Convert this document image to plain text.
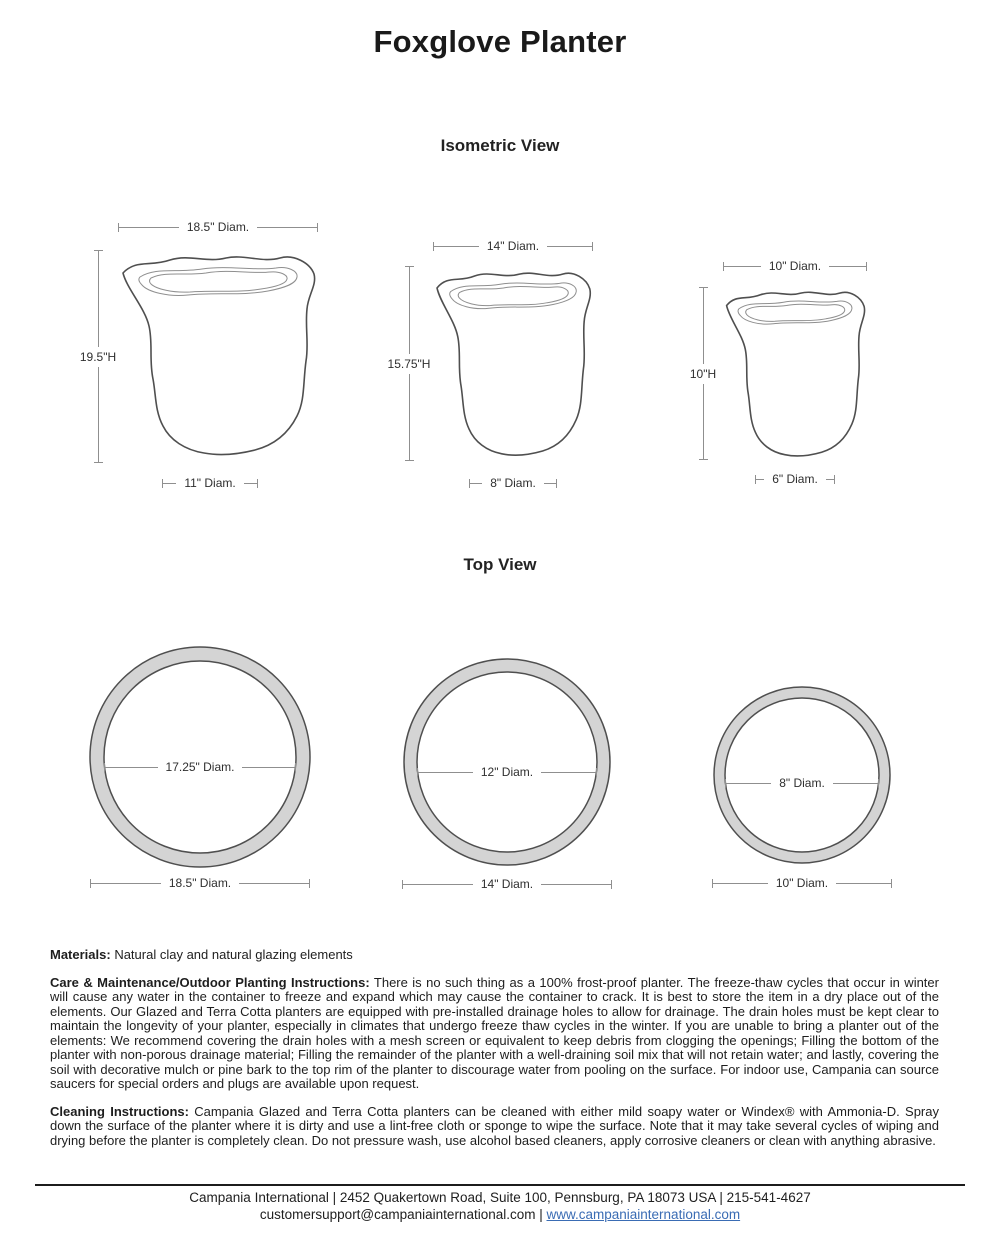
Foxglove Planter
Isometric View
18.5" Diam.
19.5"H
11" Diam.
14" Diam.
15.75"H
8" Diam.
10" Diam.
10"H
6" Diam.
Top View
17.25" Diam.
18.5" Diam.
12" Diam.
14" Diam.
8" Diam.
10" Diam.

Materials: Natural clay and natural glazing elements

Care & Maintenance/Outdoor Planting Instructions: There is no such thing as a 100% frost-proof planter. The freeze-thaw cycles that occur in winter will cause any water in the container to freeze and expand which may cause the container to crack. It is best to store the item in a dry place out of the elements. Our Glazed and Terra Cotta planters are equipped with pre-installed drainage holes to allow for drainage. The drain holes must be kept clear to maintain the longevity of your planter, especially in climates that undergo freeze thaw cycles in the winter. If you are unable to bring a planter out of the elements: We recommend covering the drain holes with a mesh screen or equivalent to keep debris from clogging the openings; Filling the bottom of the planter with non-porous drainage material; Filling the remainder of the planter with a well-draining soil mix that will not retain water; and lastly, covering the soil with decorative mulch or pine bark to the top rim of the planter to discourage water from pooling on the surface. For indoor use, Campania can source saucers for special orders and plugs are available upon request.

Cleaning Instructions: Campania Glazed and Terra Cotta planters can be cleaned with either mild soapy water or Windex® with Ammonia-D. Spray down the surface of the planter where it is dirty and use a lint-free cloth or sponge to wipe the surface. Note that it may take several cycles of wiping and drying before the planter is completely clean. Do not pressure wash, use alcohol based cleaners, apply corrosive cleaners or clean with anything abrasive.

Campania International | 2452 Quakertown Road, Suite 100, Pennsburg, PA 18073 USA | 215-541-4627
customersupport@campaniainternational.com | www.campaniainternational.com
